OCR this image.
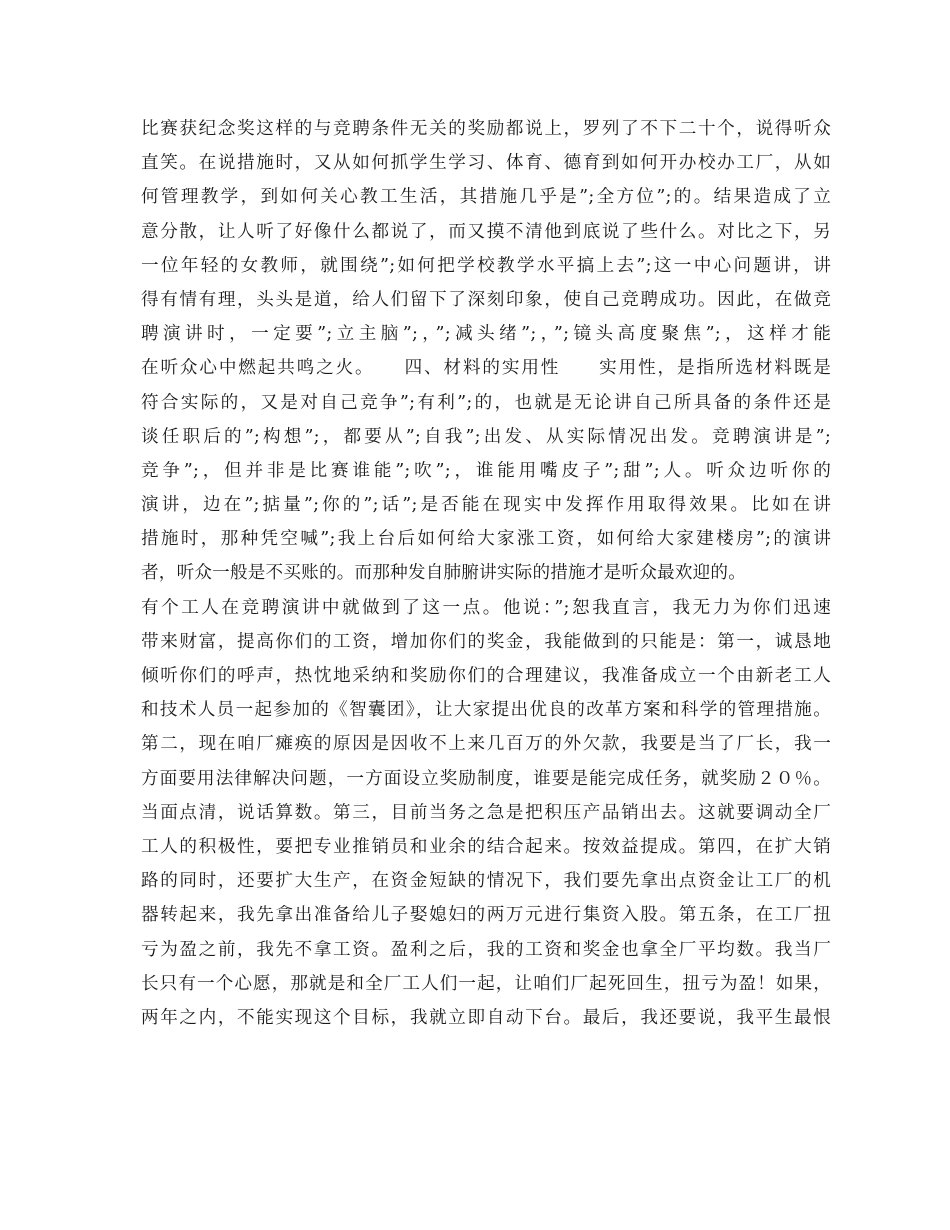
比赛获纪念奖这样的与竞聘条件无关的奖励都说上，罗列了不下二十个，说得听众
直笑。在说措施时，又从如何抓学生学习、体育、德育到如何开办校办工厂，从如
何管理教学，到如何关心教工生活，其措施几乎是”;全方位”;的。结果造成了立
意分散，让人听了好像什么都说了，而又摸不清他到底说了些什么。对比之下，另
一位年轻的女教师，就围绕”;如何把学校教学水平搞上去”;这一中心问题讲，讲
得有情有理，头头是道，给人们留下了深刻印象，使自己竞聘成功。因此，在做竞
聘演讲时，一定要”;立主脑”;，”;减头绪”;，”;镜头高度聚焦”;，这样才能
在听众心中燃起共鸣之火。　　四、材料的实用性　　实用性，是指所选材料既是
符合实际的，又是对自己竞争”;有利”;的，也就是无论讲自己所具备的条件还是
谈任职后的”;构想”;，都要从”;自我”;出发、从实际情况出发。竞聘演讲是”;
竞争”;，但并非是比赛谁能”;吹”;，谁能用嘴皮子”;甜”;人。听众边听你的
演讲，边在”;掂量”;你的”;话”;是否能在现实中发挥作用取得效果。比如在讲
措施时，那种凭空喊”;我上台后如何给大家涨工资，如何给大家建楼房”;的演讲
者，听众一般是不买账的。而那种发自肺腑讲实际的措施才是听众最欢迎的。
有个工人在竞聘演讲中就做到了这一点。他说：”;恕我直言，我无力为你们迅速
带来财富，提高你们的工资，增加你们的奖金，我能做到的只能是：第一，诚恳地
倾听你们的呼声，热忱地采纳和奖励你们的合理建议，我准备成立一个由新老工人
和技术人员一起参加的《智囊团》，让大家提出优良的改革方案和科学的管理措施。
第二，现在咱厂瘫痪的原因是因收不上来几百万的外欠款，我要是当了厂长，我一
方面要用法律解决问题，一方面设立奖励制度，谁要是能完成任务，就奖励２０％。
当面点清，说话算数。第三，目前当务之急是把积压产品销出去。这就要调动全厂
工人的积极性，要把专业推销员和业余的结合起来。按效益提成。第四，在扩大销
路的同时，还要扩大生产，在资金短缺的情况下，我们要先拿出点资金让工厂的机
器转起来，我先拿出准备给儿子娶媳妇的两万元进行集资入股。第五条，在工厂扭
亏为盈之前，我先不拿工资。盈利之后，我的工资和奖金也拿全厂平均数。我当厂
长只有一个心愿，那就是和全厂工人们一起，让咱们厂起死回生，扭亏为盈！如果，
两年之内，不能实现这个目标，我就立即自动下台。最后，我还要说，我平生最恨
